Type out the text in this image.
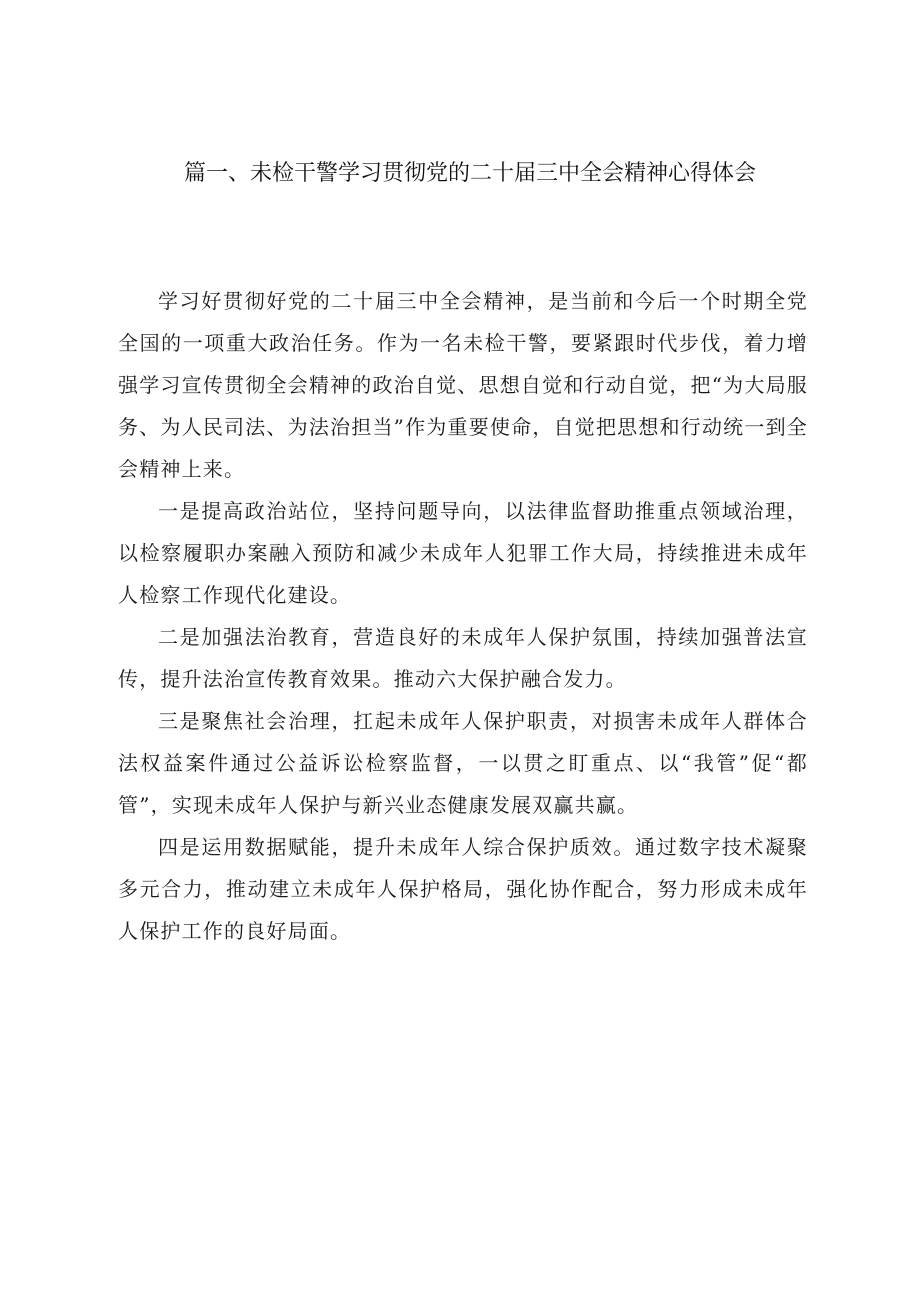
篇一、未检干警学习贯彻党的二十届三中全会精神心得体会

学习好贯彻好党的二十届三中全会精神，是当前和今后一个时期全党全国的一项重大政治任务。作为一名未检干警，要紧跟时代步伐，着力增强学习宣传贯彻全会精神的政治自觉、思想自觉和行动自觉，把“为大局服务、为人民司法、为法治担当”作为重要使命，自觉把思想和行动统一到全会精神上来。

一是提高政治站位，坚持问题导向，以法律监督助推重点领域治理，以检察履职办案融入预防和减少未成年人犯罪工作大局，持续推进未成年人检察工作现代化建设。

二是加强法治教育，营造良好的未成年人保护氛围，持续加强普法宣传，提升法治宣传教育效果。推动六大保护融合发力。

三是聚焦社会治理，扛起未成年人保护职责，对损害未成年人群体合法权益案件通过公益诉讼检察监督，一以贯之盯重点、以“我管”促“都管”，实现未成年人保护与新兴业态健康发展双赢共赢。

四是运用数据赋能，提升未成年人综合保护质效。通过数字技术凝聚多元合力，推动建立未成年人保护格局，强化协作配合，努力形成未成年人保护工作的良好局面。
